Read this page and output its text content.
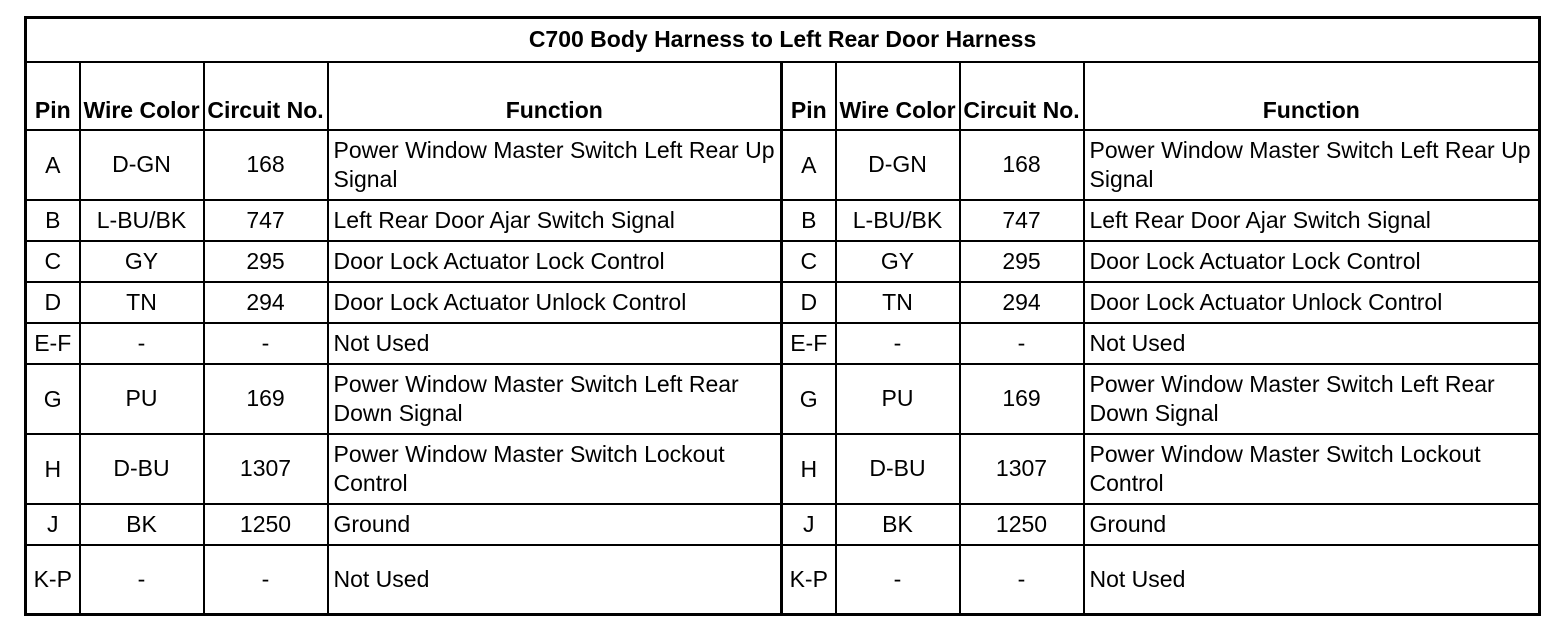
C700 Body Harness to Left Rear Door Harness							
Pin	Wire Color	Circuit No.	Function	Pin	Wire Color	Circuit No.	Function
A	D-GN	168	Power Window Master Switch Left Rear Up Signal	A	D-GN	168	Power Window Master Switch Left Rear Up Signal
B	L-BU/BK	747	Left Rear Door Ajar Switch Signal	B	L-BU/BK	747	Left Rear Door Ajar Switch Signal
C	GY	295	Door Lock Actuator Lock Control	C	GY	295	Door Lock Actuator Lock Control
D	TN	294	Door Lock Actuator Unlock Control	D	TN	294	Door Lock Actuator Unlock Control
E-F	-	-	Not Used	E-F	-	-	Not Used
G	PU	169	Power Window Master Switch Left Rear Down Signal	G	PU	169	Power Window Master Switch Left Rear Down Signal
H	D-BU	1307	Power Window Master Switch Lockout Control	H	D-BU	1307	Power Window Master Switch Lockout Control
J	BK	1250	Ground	J	BK	1250	Ground
K-P	-	-	Not Used	K-P	-	-	Not Used
